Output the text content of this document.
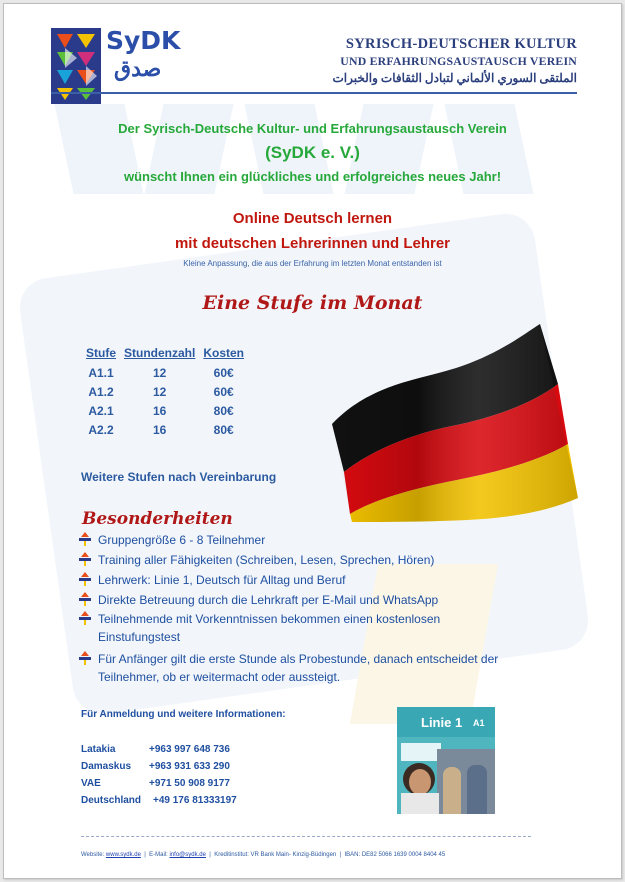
SyDK
صدق
SYRISCH-DEUTSCHER KULTUR
UND ERFAHRUNGSAUSTAUSCH VEREIN
الملتقى السوري الألماني لتبادل الثقافات والخبرات
Der Syrisch-Deutsche Kultur- und Erfahrungsaustausch Verein
(SyDK e. V.)
wünscht Ihnen ein glückliches und erfolgreiches neues Jahr!
Online Deutsch lernen
mit deutschen Lehrerinnen und Lehrer
Kleine Anpassung, die aus der Erfahrung im letzten Monat entstanden ist
Eine Stufe im Monat
Stufe	Stundenzahl	Kosten
A1.1	12	60€
A1.2	12	60€
A2.1	16	80€
A2.2	16	80€
Weitere Stufen nach Vereinbarung
Besonderheiten
Gruppengröße 6 - 8 Teilnehmer
Training aller Fähigkeiten (Schreiben, Lesen, Sprechen, Hören)
Lehrwerk: Linie 1, Deutsch für Alltag und Beruf
Direkte Betreuung durch die Lehrkraft per E-Mail und WhatsApp
Teilnehmende mit Vorkenntnissen bekommen einen kostenlosen Einstufungstest
Für Anfänger gilt die erste Stunde als Probestunde, danach entscheidet der Teilnehmer, ob er weitermacht oder aussteigt.
Für Anmeldung und weitere Informationen:
Latakia	+963 997 648 736
Damaskus +963 931 633 290
VAE	+971 50 908 9177
Deutschland +49 176 81333197
Linie 1 A1
Website: www.sydk.de  |  E-Mail: info@sydk.de  |  Kreditinstitut: VR Bank Main- Kinzig-Büdingen  |  IBAN: DE82 5066 1639 0004 8404 45
